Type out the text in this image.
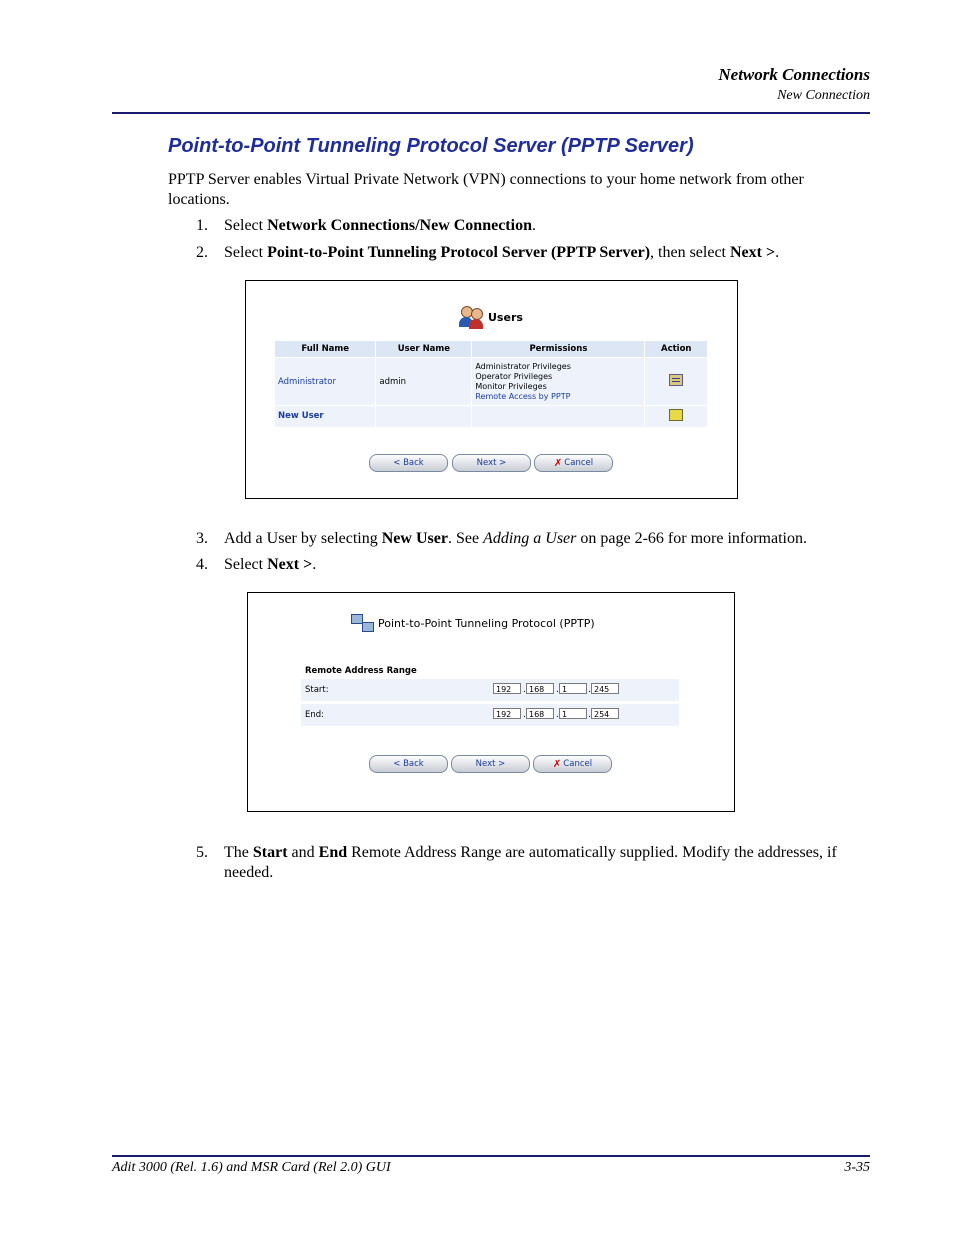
Network Connections
New Connection
Point-to-Point Tunneling Protocol Server (PPTP Server)
PPTP Server enables Virtual Private Network (VPN) connections to your home network from other locations.
1.	Select Network Connections/New Connection.
2.	Select Point-to-Point Tunneling Protocol Server (PPTP Server), then select Next >.
Users
Full Name	User Name	Permissions	Action
Administrator	admin	Administrator Privileges
Operator Privileges
Monitor Privileges
Remote Access by PPTP	

New User			
< Back	Next >	✗ Cancel
3.	Add a User by selecting New User. See Adding a User on page 2-66 for more information.
4.	Select Next >.
Point-to-Point Tunneling Protocol (PPTP)
Remote Address Range
Start:	192	. 168	. 1	. 245
End:	192	. 168	. 1	. 254
< Back	Next >	✗ Cancel
5.	The Start and End Remote Address Range are automatically supplied. Modify the addresses, if needed.
Adit 3000 (Rel. 1.6) and MSR Card (Rel 2.0) GUI	3-35
